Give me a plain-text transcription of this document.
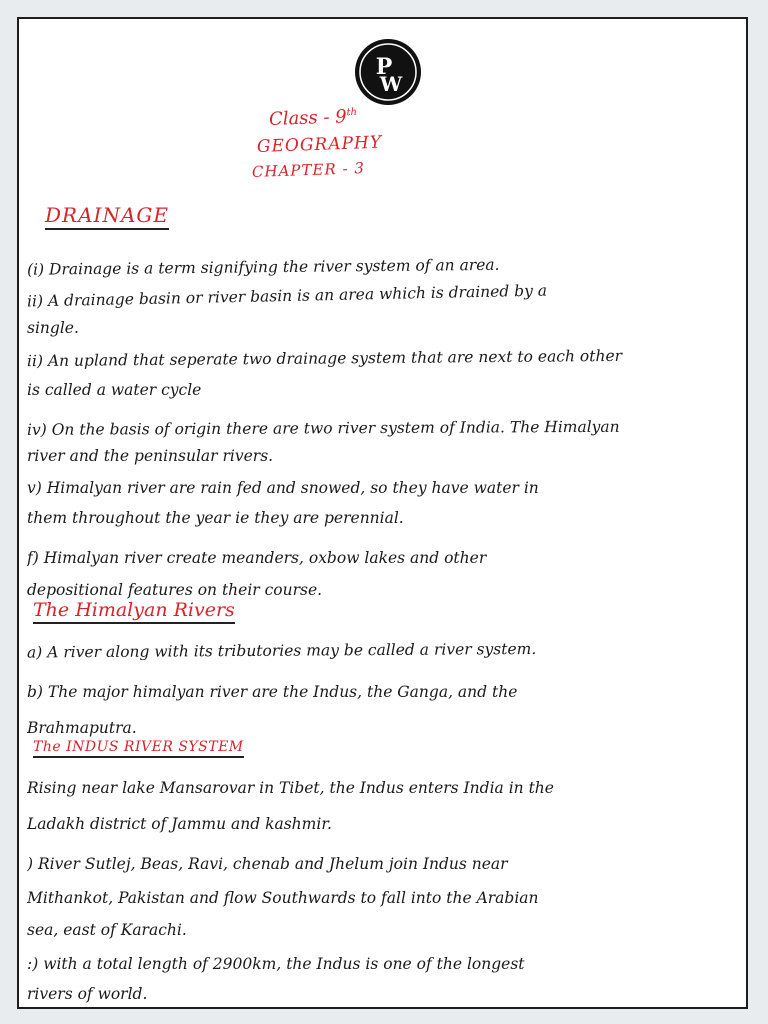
P
W
Class - 9th
GEOGRAPHY
CHAPTER - 3
DRAINAGE
(i) Drainage is a term signifying the river system of an area.
ii) A drainage basin or river basin is an area which is drained by a
single.
ii) An upland that seperate two drainage system that are next to each other
is called a water cycle
iv) On the basis of origin there are two river system of India. The Himalyan
river and the peninsular rivers.
v) Himalyan river are rain fed and snowed, so they have water in
them throughout the year ie they are perennial.
f) Himalyan river create meanders, oxbow lakes and other
depositional features on their course.
The Himalyan Rivers
a) A river along with its tributories may be called a river system.
b) The major himalyan river are the Indus, the Ganga, and the
Brahmaputra.
The INDUS RIVER SYSTEM
Rising near lake Mansarovar in Tibet, the Indus enters India in the
Ladakh district of Jammu and kashmir.
) River Sutlej, Beas, Ravi, chenab and Jhelum join Indus near
Mithankot, Pakistan and flow Southwards to fall into the Arabian
sea, east of Karachi.
:) with a total length of 2900km, the Indus is one of the longest
rivers of world.
